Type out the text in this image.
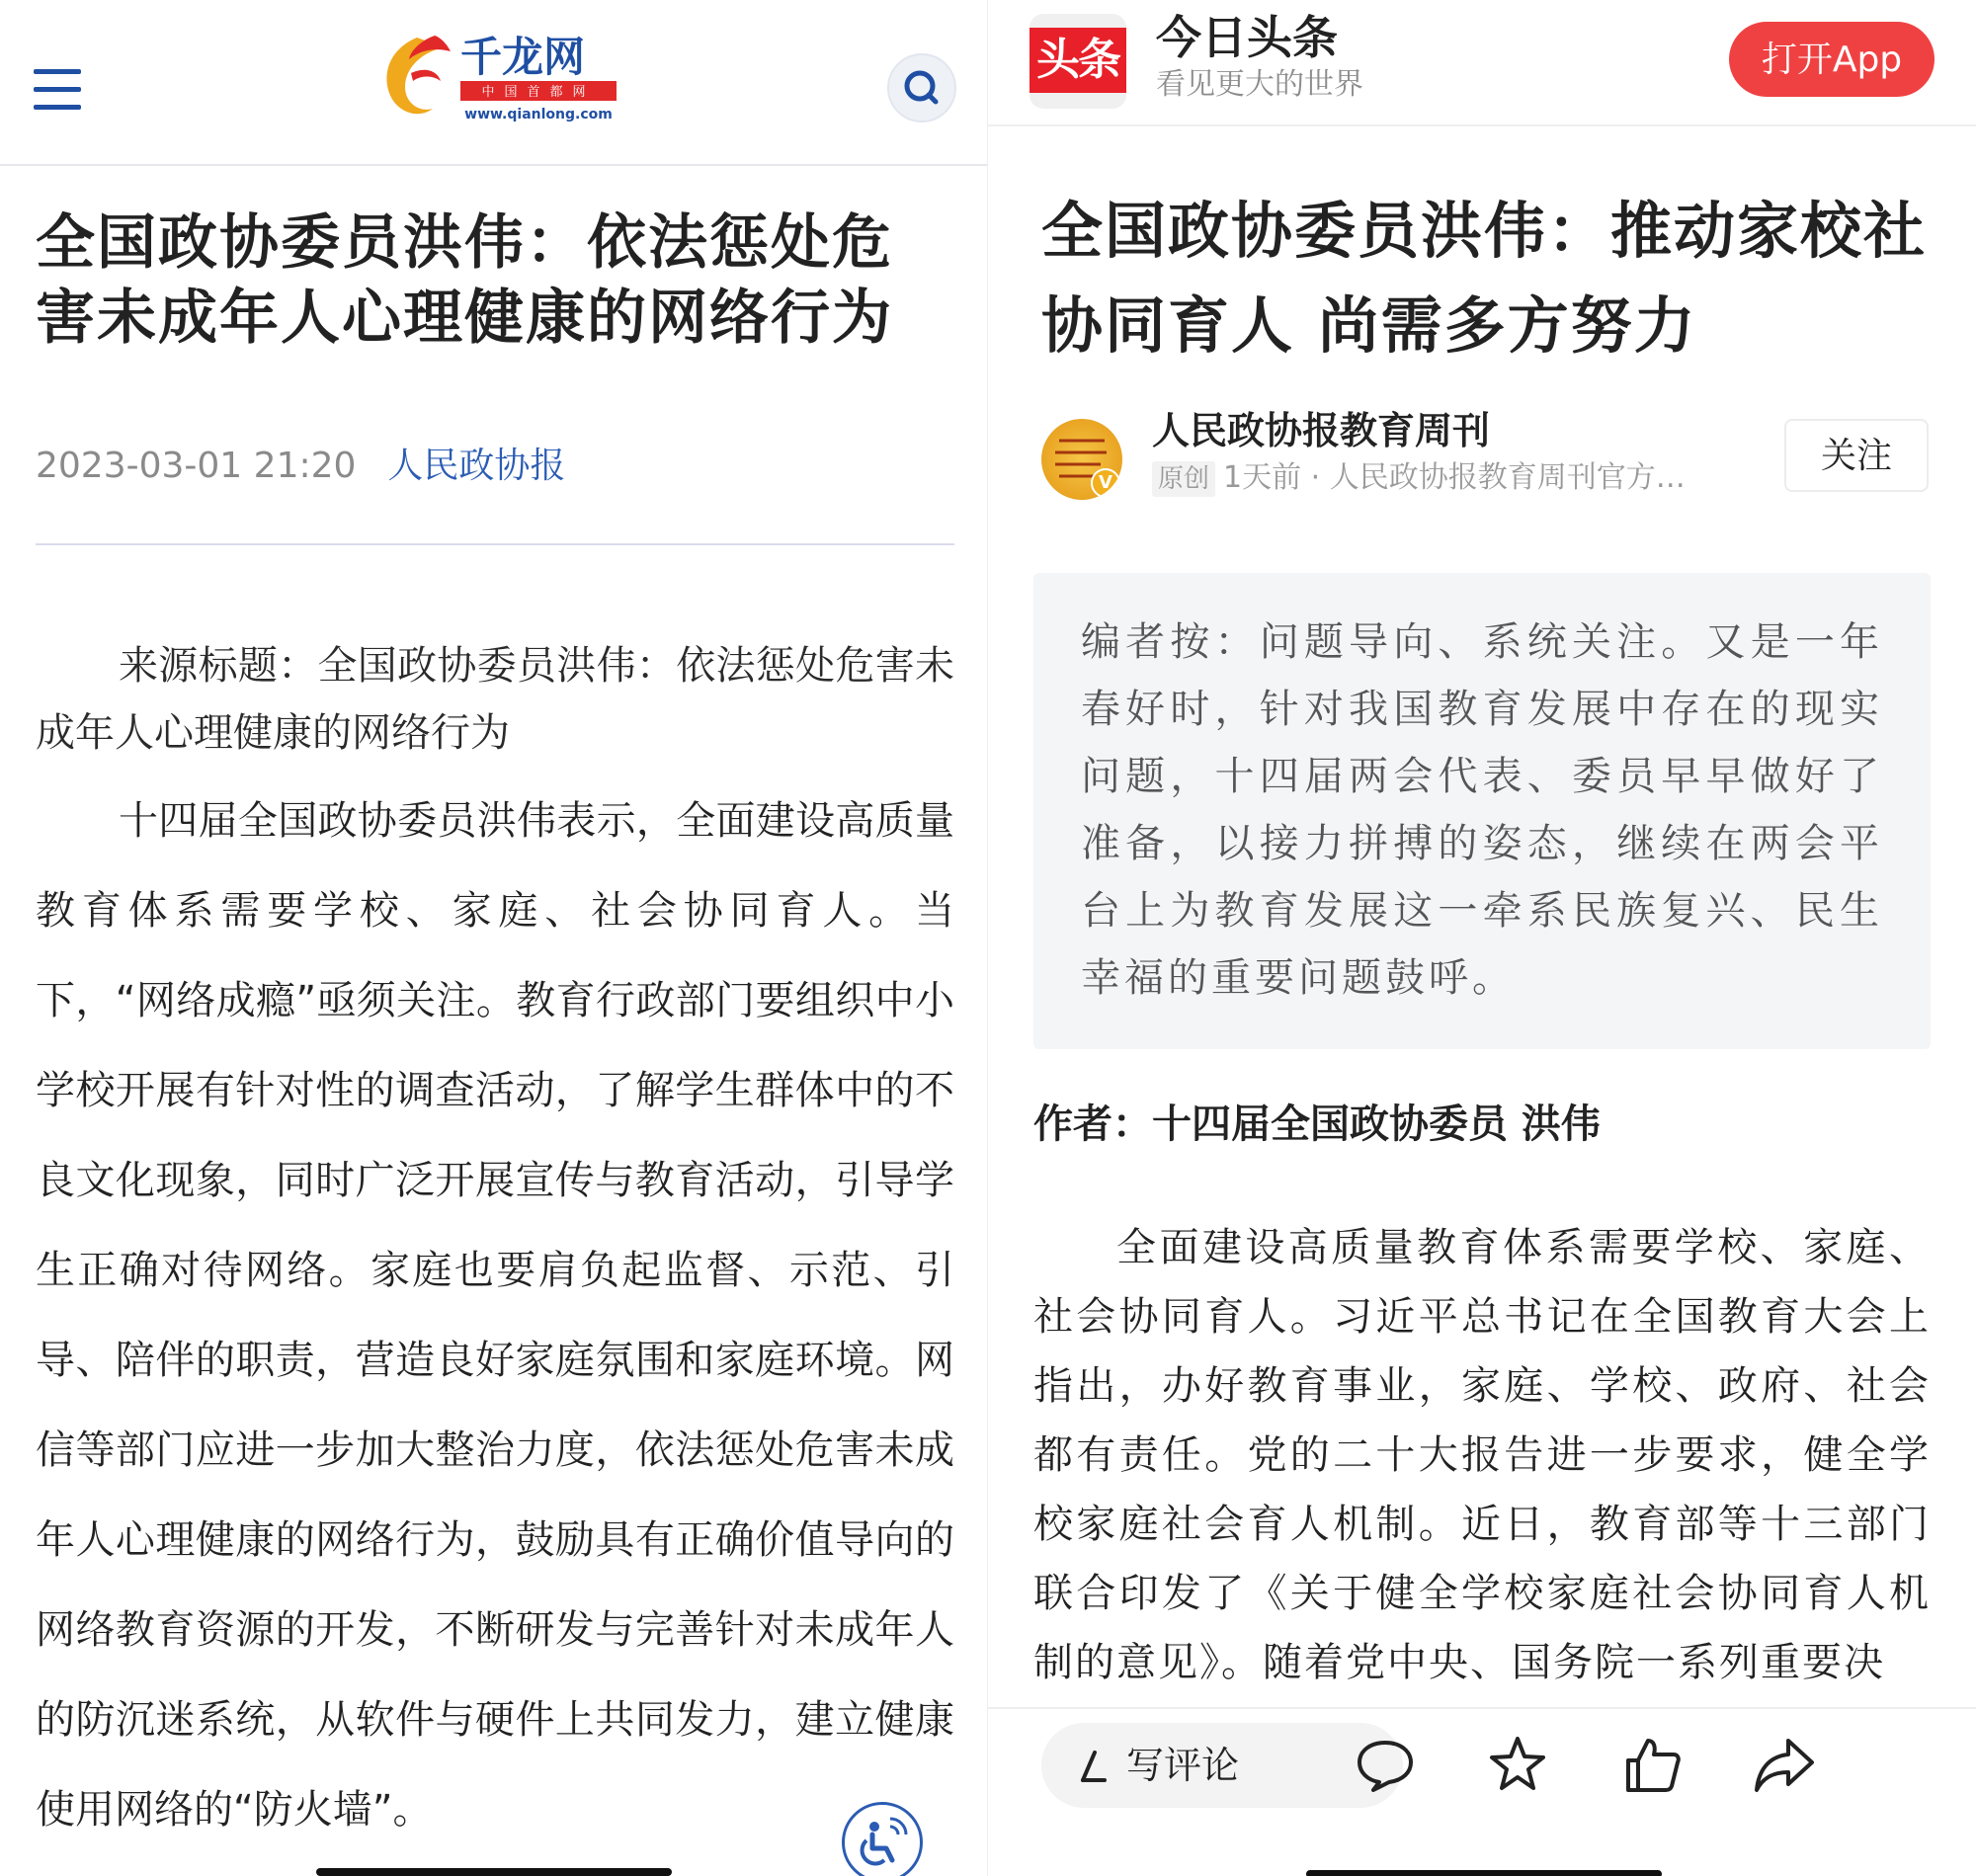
千龙网
中国首都网
www.qianlong.com
全国政协委员洪伟：依法惩处危害未成年人心理健康的网络行为
2023-03-01 21:20 人民政协报

来源标题：全国政协委员洪伟：依法惩处危害未成年人心理健康的网络行为

十四届全国政协委员洪伟表示，全面建设高质量教育体系需要学校、家庭、社会协同育人。当下，“网络成瘾”亟须关注。教育行政部门要组织中小学校开展有针对性的调查活动，了解学生群体中的不良文化现象，同时广泛开展宣传与教育活动，引导学生正确对待网络。家庭也要肩负起监督、示范、引导、陪伴的职责，营造良好家庭氛围和家庭环境。网信等部门应进一步加大整治力度，依法惩处危害未成年人心理健康的网络行为，鼓励具有正确价值导向的网络教育资源的开发，不断研发与完善针对未成年人的防沉迷系统，从软件与硬件上共同发力，建立健康使用网络的“防火墙”。

头条 今日头条
看见更大的世界
打开App
全国政协委员洪伟：推动家校社协同育人 尚需多方努力
V
人民政协报教育周刊
原创 1天前 · 人民政协报教育周刊官方…
关注

编者按：问题导向、系统关注。又是一年春好时，针对我国教育发展中存在的现实问题，十四届两会代表、委员早早做好了准备，以接力拼搏的姿态，继续在两会平台上为教育发展这一牵系民族复兴、民生幸福的重要问题鼓呼。

作者：十四届全国政协委员 洪伟

全面建设高质量教育体系需要学校、家庭、社会协同育人。习近平总书记在全国教育大会上指出，办好教育事业，家庭、学校、政府、社会都有责任。党的二十大报告进一步要求，健全学校家庭社会育人机制。近日，教育部等十三部门联合印发了《关于健全学校家庭社会协同育人机制的意见》。随着党中央、国务院一系列重要决

写评论
